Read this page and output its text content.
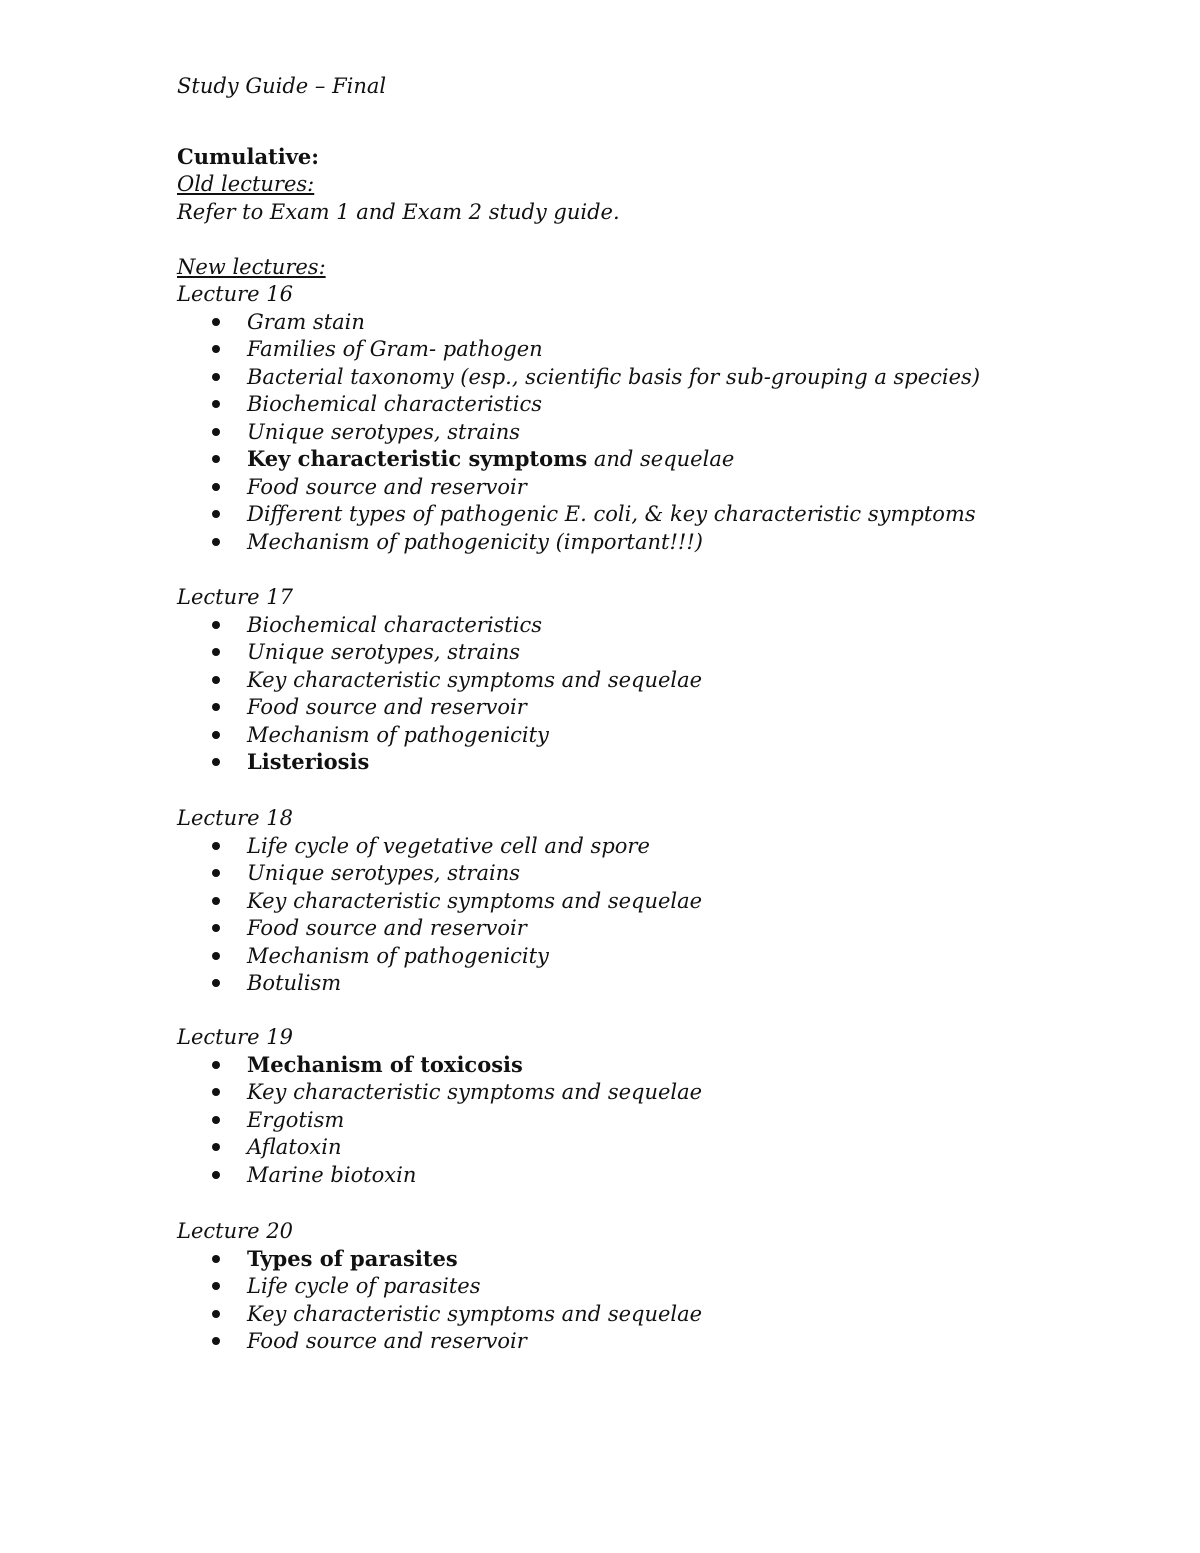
Study Guide – Final
Cumulative:
Old lectures:
Refer to Exam 1 and Exam 2 study guide.
New lectures:
Lecture 16
Gram stain
Families of Gram- pathogen
Bacterial taxonomy (esp., scientific basis for sub-grouping a species)
Biochemical characteristics
Unique serotypes, strains
Key characteristic symptoms and sequelae
Food source and reservoir
Different types of pathogenic E. coli, & key characteristic symptoms
Mechanism of pathogenicity (important!!!)
Lecture 17
Biochemical characteristics
Unique serotypes, strains
Key characteristic symptoms and sequelae
Food source and reservoir
Mechanism of pathogenicity
Listeriosis
Lecture 18
Life cycle of vegetative cell and spore
Unique serotypes, strains
Key characteristic symptoms and sequelae
Food source and reservoir
Mechanism of pathogenicity
Botulism
Lecture 19
Mechanism of toxicosis
Key characteristic symptoms and sequelae
Ergotism
Aflatoxin
Marine biotoxin
Lecture 20
Types of parasites
Life cycle of parasites
Key characteristic symptoms and sequelae
Food source and reservoir
